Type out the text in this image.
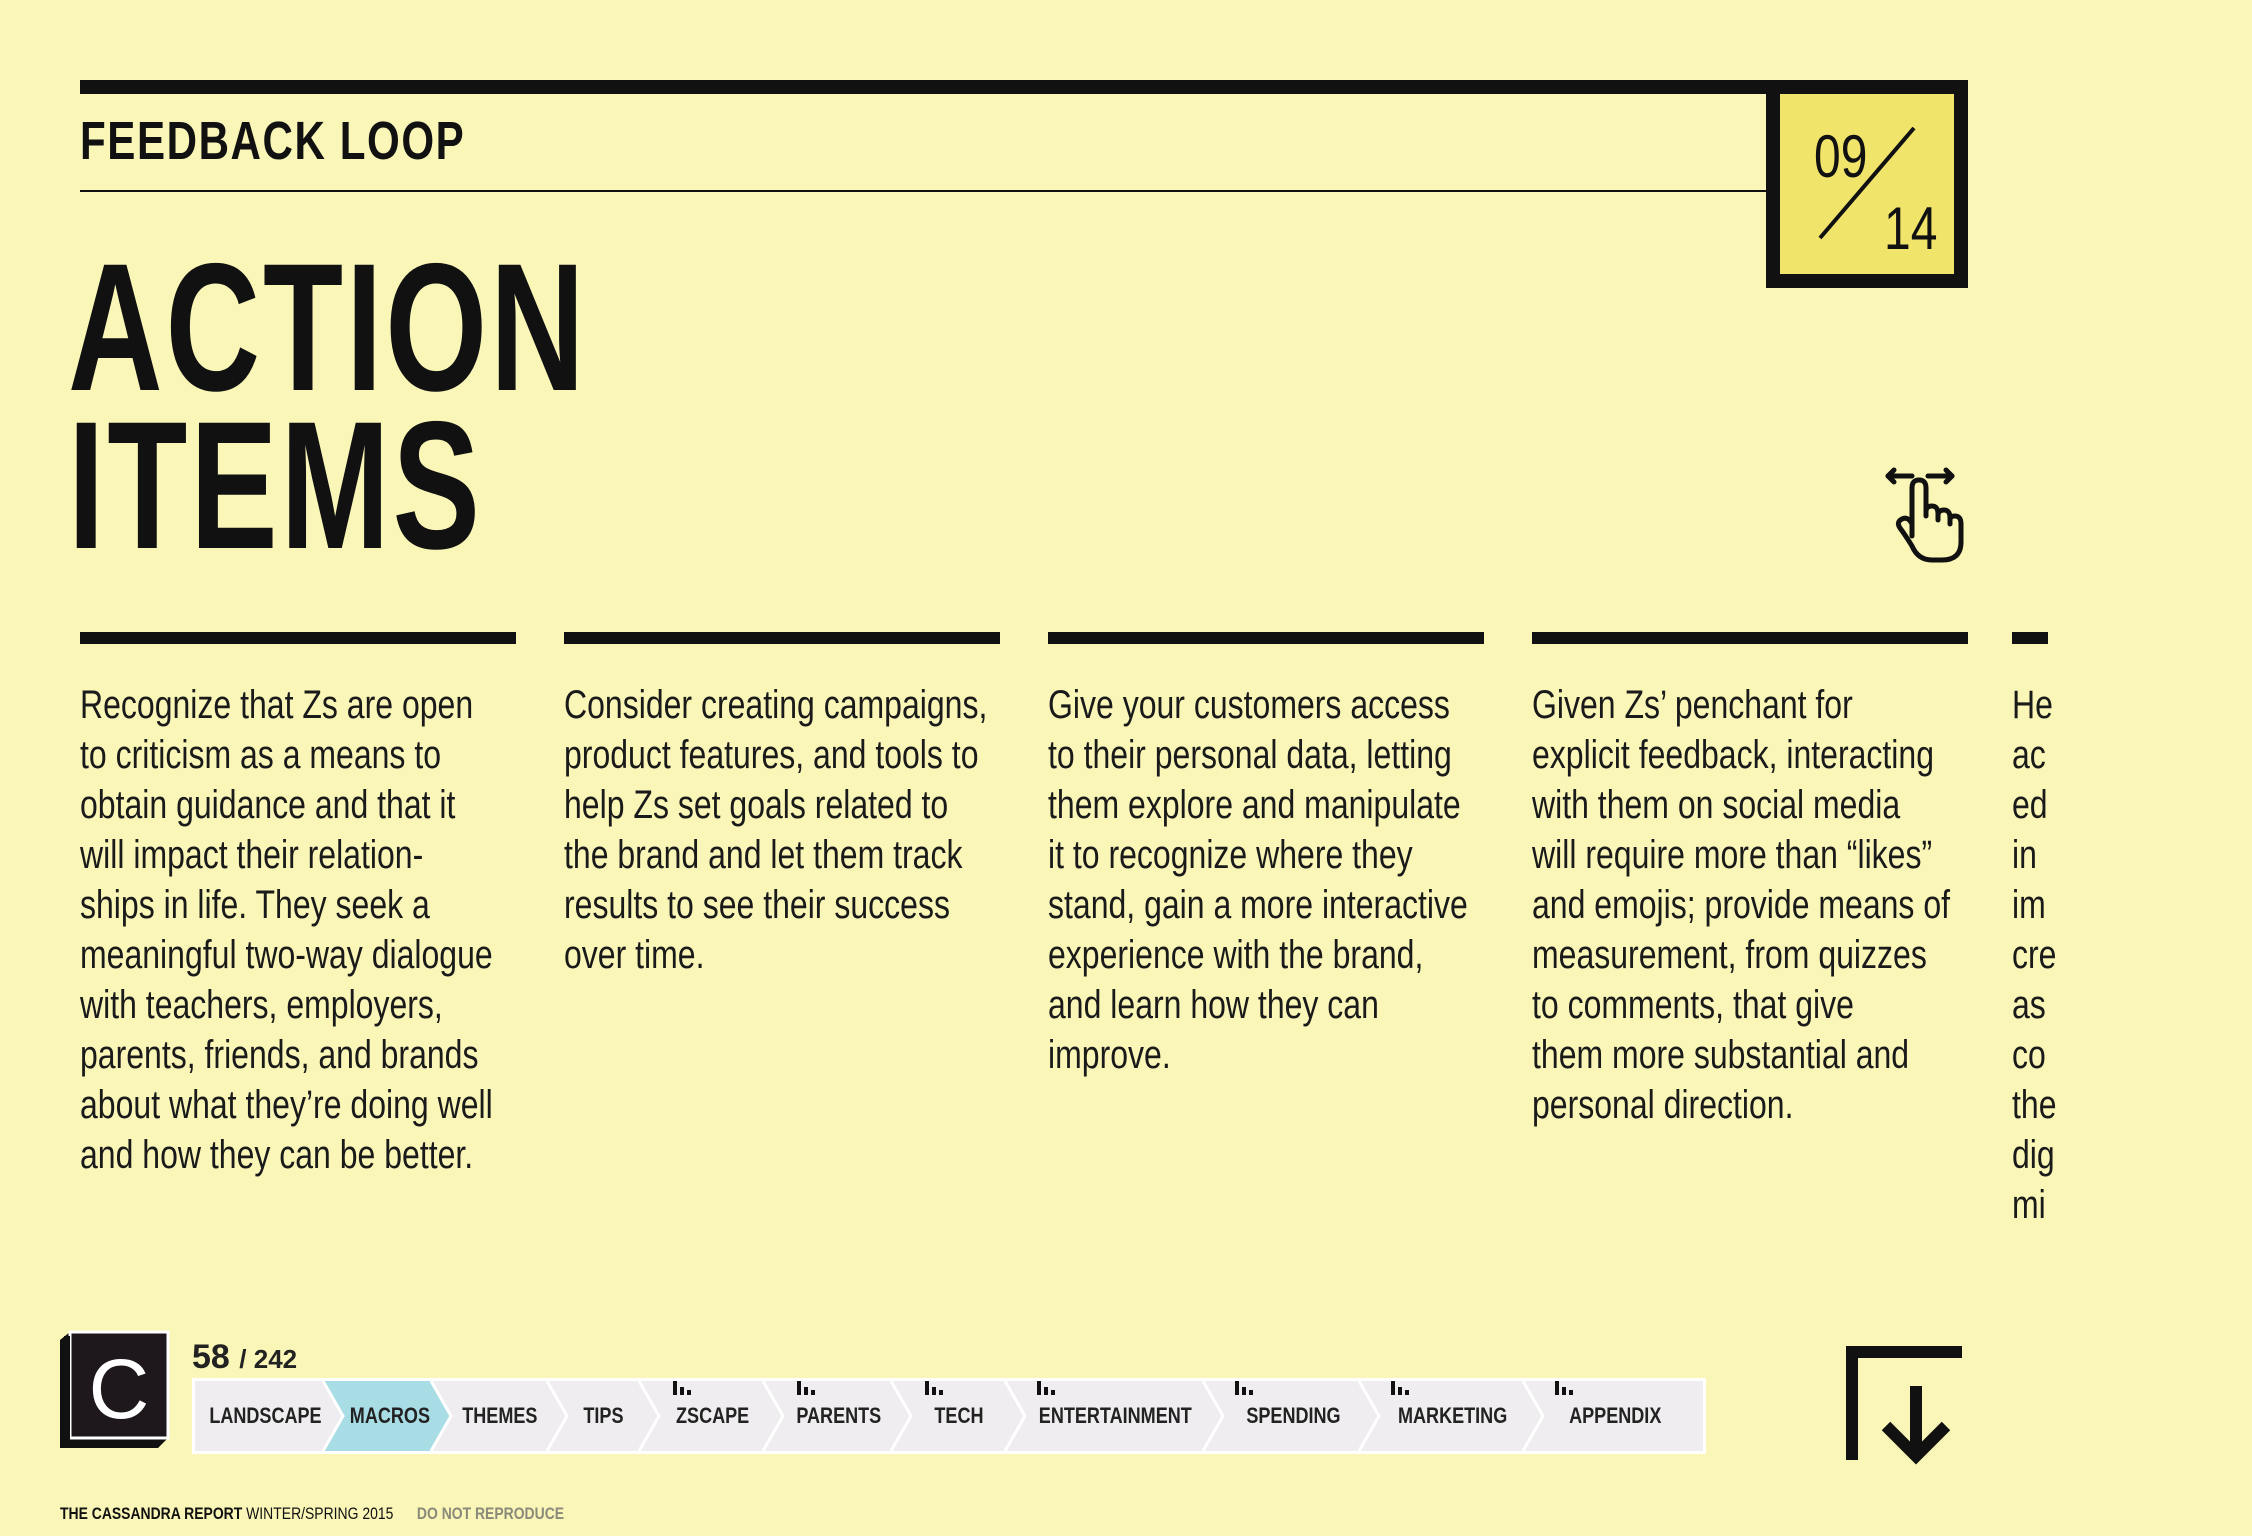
FEEDBACK LOOP	09
14
ACTION
ITEMS
Recognize that Zs are open
to criticism as a means to
obtain guidance and that it
will impact their relation-
ships in life. They seek a
meaningful two-way dialogue
with teachers, employers,
parents, friends, and brands
about what they’re doing well
and how they can be better.
Consider creating campaigns,
product features, and tools to
help Zs set goals related to
the brand and let them track
results to see their success
over time.
Give your customers access
to their personal data, letting
them explore and manipulate
it to recognize where they
stand, gain a more interactive
experience with the brand,
and learn how they can
improve.
Given Zs’ penchant for
explicit feedback, interacting
with them on social media
will require more than “likes”
and emojis; provide means of
measurement, from quizzes
to comments, that give
them more substantial and
personal direction.
He
ac
ed
in
im
cre
as
co
the
dig
mi
C 58 / 242
LANDSCAPE	MACROS	THEMES	TIPS	ZSCAPE	PARENTS	TECH	ENTERTAINMENT	SPENDING	MARKETING	APPENDIX
THE CASSANDRA REPORT WINTER/SPRING 2015 DO NOT REPRODUCE
